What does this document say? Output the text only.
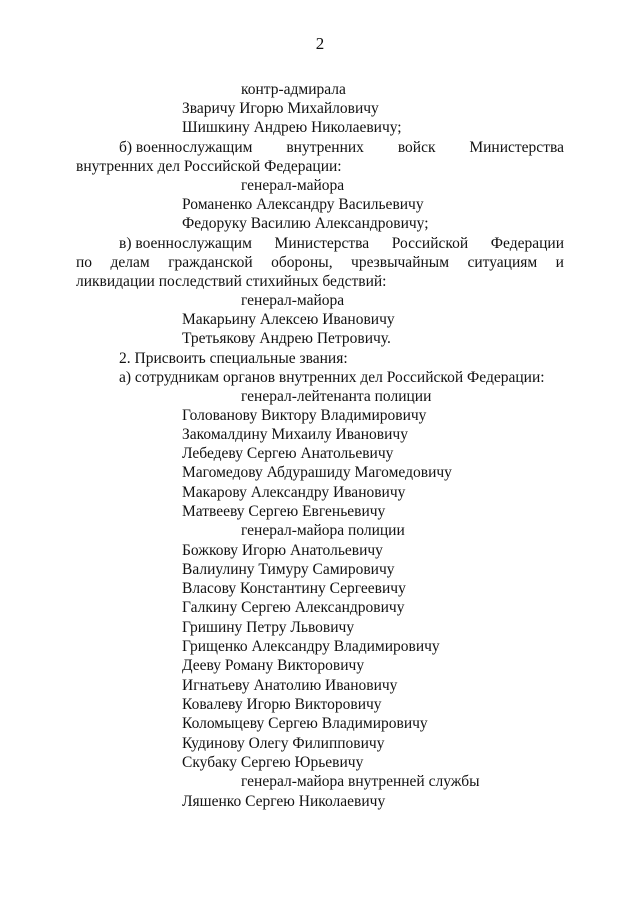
2
контр-адмирала
Зваричу Игорю Михайловичу
Шишкину Андрею Николаевичу;
б) военнослужащим внутренних войск Министерства
внутренних дел Российской Федерации:
генерал-майора
Романенко Александру Васильевичу
Федоруку Василию Александровичу;
в) военнослужащим Министерства Российской Федерации
по делам гражданской обороны, чрезвычайным ситуациям и
ликвидации последствий стихийных бедствий:
генерал-майора
Макарьину Алексею Ивановичу
Третьякову Андрею Петровичу.
2. Присвоить специальные звания:
а) сотрудникам органов внутренних дел Российской Федерации:
генерал-лейтенанта полиции
Голованову Виктору Владимировичу
Закомалдину Михаилу Ивановичу
Лебедеву Сергею Анатольевичу
Магомедову Абдурашиду Магомедовичу
Макарову Александру Ивановичу
Матвееву Сергею Евгеньевичу
генерал-майора полиции
Божкову Игорю Анатольевичу
Валиулину Тимуру Самировичу
Власову Константину Сергеевичу
Галкину Сергею Александровичу
Гришину Петру Львовичу
Грищенко Александру Владимировичу
Дееву Роману Викторовичу
Игнатьеву Анатолию Ивановичу
Ковалеву Игорю Викторовичу
Коломыцеву Сергею Владимировичу
Кудинову Олегу Филипповичу
Скубаку Сергею Юрьевичу
генерал-майора внутренней службы
Ляшенко Сергею Николаевичу
